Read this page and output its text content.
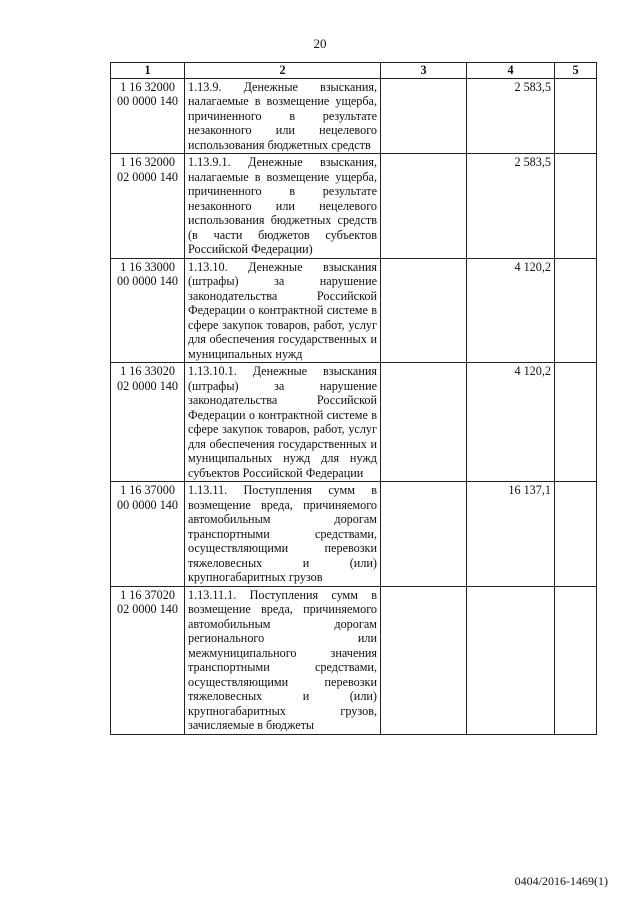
20
1	2	3	4	5
1 16 32000 00 0000 140	1.13.9. Денежные взыскания, налагаемые в возмещение ущерба, причиненного в результате незаконного или нецелевого использования бюджетных средств		2 583,5	
1 16 32000 02 0000 140	1.13.9.1. Денежные взыскания, налагаемые в возмещение ущерба, причиненного в результате незаконного или нецелевого использования бюджетных средств (в части бюджетов субъектов Российской Федерации)		2 583,5	
1 16 33000 00 0000 140	1.13.10. Денежные взыскания (штрафы) за нарушение законодательства Российской Федерации о контрактной системе в сфере закупок товаров, работ, услуг для обеспечения государственных и муниципальных нужд		4 120,2	
1 16 33020 02 0000 140	1.13.10.1. Денежные взыскания (штрафы) за нарушение законодательства Российской Федерации о контрактной системе в сфере закупок товаров, работ, услуг для обеспечения государственных и муниципальных нужд для нужд субъектов Российской Федерации		4 120,2	
1 16 37000 00 0000 140	1.13.11. Поступления сумм в возмещение вреда, причиняемого автомобильным дорогам транспортными средствами, осуществляющими перевозки тяжеловесных и (или) крупногабаритных грузов		16 137,1	
1 16 37020 02 0000 140	1.13.11.1. Поступления сумм в возмещение вреда, причиняемого автомобильным дорогам регионального или межмуниципального значения транспортными средствами, осуществляющими перевозки тяжеловесных и (или) крупногабаритных грузов, зачисляемые в бюджеты			
0404/2016-1469(1)
